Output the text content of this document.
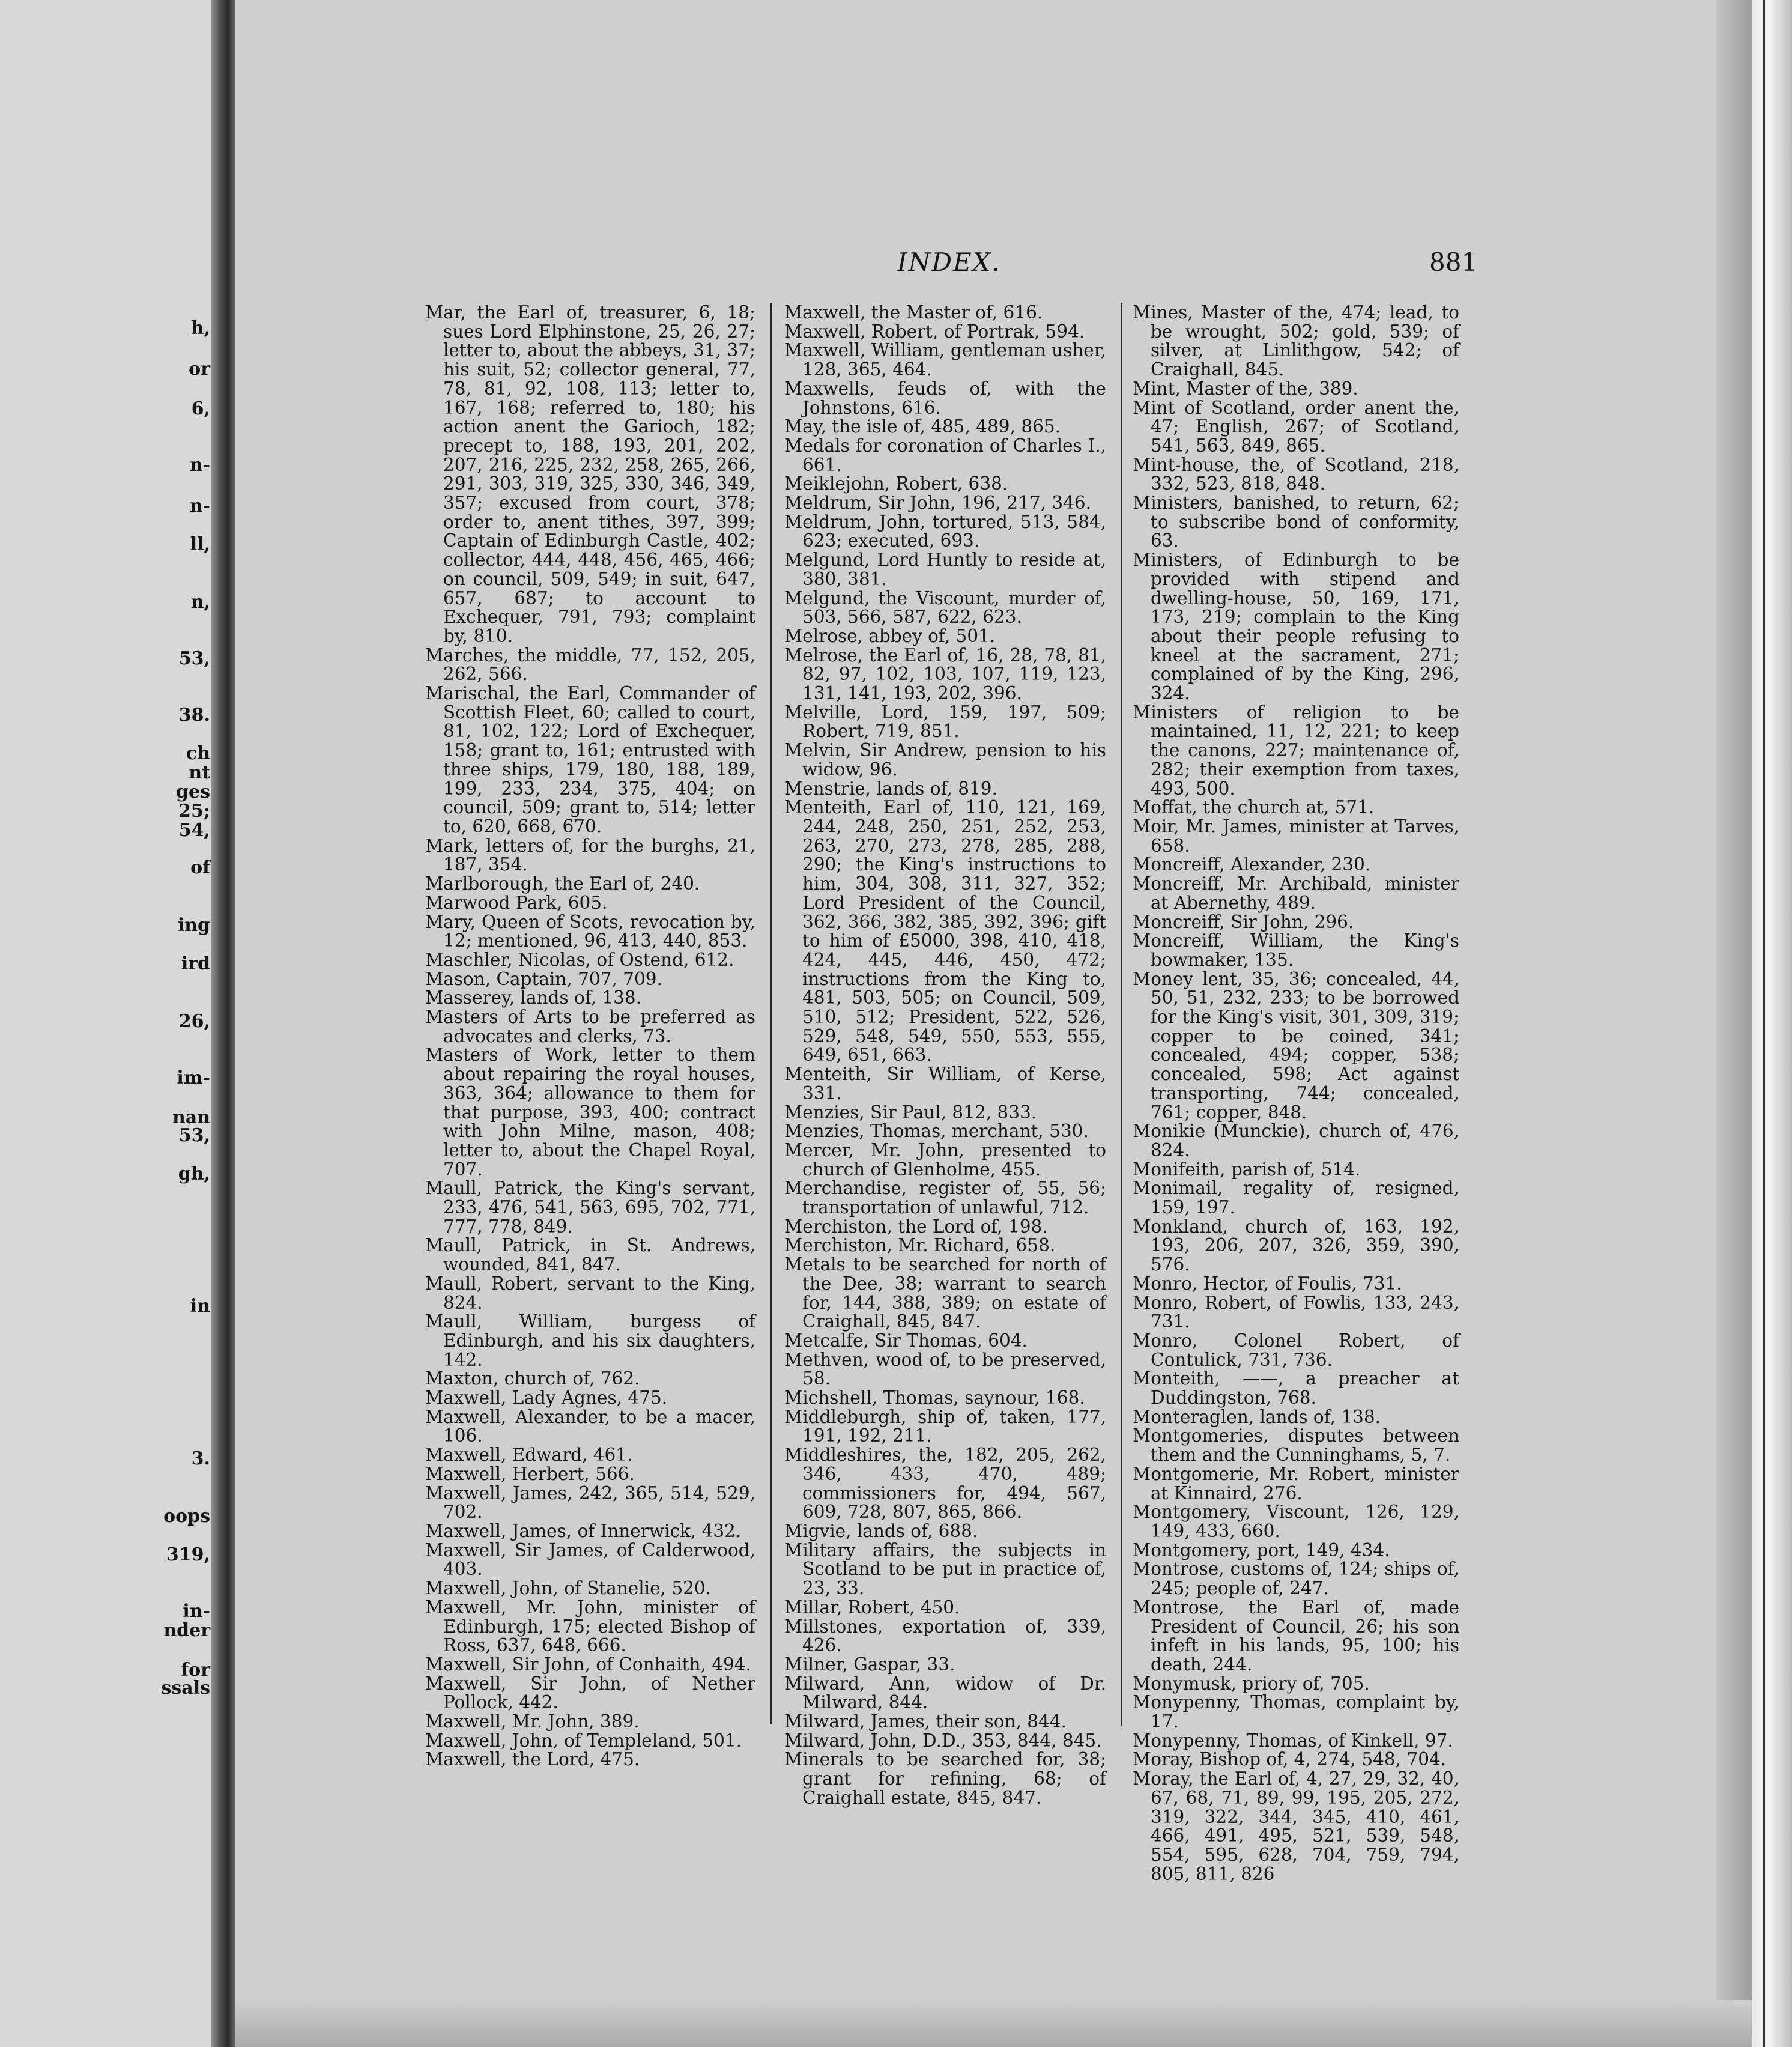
h,
or
6,
n-
n-
ll,
n,
53,
38.
ch
nt
ges
25;
54,
of
ing
ird
26,
im-
nan
53,
gh,
in
3.
oops
319,
in-
nder
for
ssals
INDEX.	881

Mar, the Earl of, treasurer, 6, 18; sues Lord Elphinstone, 25, 26, 27; letter to, about the abbeys, 31, 37; his suit, 52; collector general, 77, 78, 81, 92, 108, 113; letter to, 167, 168; referred to, 180; his action anent the Garioch, 182; precept to, 188, 193, 201, 202, 207, 216, 225, 232, 258, 265, 266, 291, 303, 319, 325, 330, 346, 349, 357; excused from court, 378; order to, anent tithes, 397, 399; Captain of Edinburgh Castle, 402; collector, 444, 448, 456, 465, 466; on council, 509, 549; in suit, 647, 657, 687; to account to Exchequer, 791, 793; complaint by, 810.

Marches, the middle, 77, 152, 205, 262, 566.

Marischal, the Earl, Commander of Scottish Fleet, 60; called to court, 81, 102, 122; Lord of Exchequer, 158; grant to, 161; entrusted with three ships, 179, 180, 188, 189, 199, 233, 234, 375, 404; on council, 509; grant to, 514; letter to, 620, 668, 670.

Mark, letters of, for the burghs, 21, 187, 354.

Marlborough, the Earl of, 240.

Marwood Park, 605.

Mary, Queen of Scots, revocation by, 12; mentioned, 96, 413, 440, 853.

Maschler, Nicolas, of Ostend, 612.

Mason, Captain, 707, 709.

Masserey, lands of, 138.

Masters of Arts to be preferred as advocates and clerks, 73.

Masters of Work, letter to them about repairing the royal houses, 363, 364; allowance to them for that purpose, 393, 400; contract with John Milne, mason, 408; letter to, about the Chapel Royal, 707.

Maull, Patrick, the King's servant, 233, 476, 541, 563, 695, 702, 771, 777, 778, 849.

Maull, Patrick, in St. Andrews, wounded, 841, 847.

Maull, Robert, servant to the King, 824.

Maull, William, burgess of Edinburgh, and his six daughters, 142.

Maxton, church of, 762.

Maxwell, Lady Agnes, 475.

Maxwell, Alexander, to be a macer, 106.

Maxwell, Edward, 461.

Maxwell, Herbert, 566.

Maxwell, James, 242, 365, 514, 529, 702.

Maxwell, James, of Innerwick, 432.

Maxwell, Sir James, of Calderwood, 403.

Maxwell, John, of Stanelie, 520.

Maxwell, Mr. John, minister of Edinburgh, 175; elected Bishop of Ross, 637, 648, 666.

Maxwell, Sir John, of Conhaith, 494.

Maxwell, Sir John, of Nether Pollock, 442.

Maxwell, Mr. John, 389.

Maxwell, John, of Templeland, 501.

Maxwell, the Lord, 475.

Maxwell, the Master of, 616.

Maxwell, Robert, of Portrak, 594.

Maxwell, William, gentleman usher, 128, 365, 464.

Maxwells, feuds of, with the Johnstons, 616.

May, the isle of, 485, 489, 865.

Medals for coronation of Charles I., 661.

Meiklejohn, Robert, 638.

Meldrum, Sir John, 196, 217, 346.

Meldrum, John, tortured, 513, 584, 623; executed, 693.

Melgund, Lord Huntly to reside at, 380, 381.

Melgund, the Viscount, murder of, 503, 566, 587, 622, 623.

Melrose, abbey of, 501.

Melrose, the Earl of, 16, 28, 78, 81, 82, 97, 102, 103, 107, 119, 123, 131, 141, 193, 202, 396.

Melville, Lord, 159, 197, 509; Robert, 719, 851.

Melvin, Sir Andrew, pension to his widow, 96.

Menstrie, lands of, 819.

Menteith, Earl of, 110, 121, 169, 244, 248, 250, 251, 252, 253, 263, 270, 273, 278, 285, 288, 290; the King's instructions to him, 304, 308, 311, 327, 352; Lord President of the Council, 362, 366, 382, 385, 392, 396; gift to him of £5000, 398, 410, 418, 424, 445, 446, 450, 472; instructions from the King to, 481, 503, 505; on Council, 509, 510, 512; President, 522, 526, 529, 548, 549, 550, 553, 555, 649, 651, 663.

Menteith, Sir William, of Kerse, 331.

Menzies, Sir Paul, 812, 833.

Menzies, Thomas, merchant, 530.

Mercer, Mr. John, presented to church of Glenholme, 455.

Merchandise, register of, 55, 56; transportation of unlawful, 712.

Merchiston, the Lord of, 198.

Merchiston, Mr. Richard, 658.

Metals to be searched for north of the Dee, 38; warrant to search for, 144, 388, 389; on estate of Craighall, 845, 847.

Metcalfe, Sir Thomas, 604.

Methven, wood of, to be preserved, 58.

Michshell, Thomas, saynour, 168.

Middleburgh, ship of, taken, 177, 191, 192, 211.

Middleshires, the, 182, 205, 262, 346, 433, 470, 489; commissioners for, 494, 567, 609, 728, 807, 865, 866.

Migvie, lands of, 688.

Military affairs, the subjects in Scotland to be put in practice of, 23, 33.

Millar, Robert, 450.

Millstones, exportation of, 339, 426.

Milner, Gaspar, 33.

Milward, Ann, widow of Dr. Milward, 844.

Milward, James, their son, 844.

Milward, John, D.D., 353, 844, 845.

Minerals to be searched for, 38; grant for refining, 68; of Craighall estate, 845, 847.

Mines, Master of the, 474; lead, to be wrought, 502; gold, 539; of silver, at Linlithgow, 542; of Craighall, 845.

Mint, Master of the, 389.

Mint of Scotland, order anent the, 47; English, 267; of Scotland, 541, 563, 849, 865.

Mint-house, the, of Scotland, 218, 332, 523, 818, 848.

Ministers, banished, to return, 62; to subscribe bond of conformity, 63.

Ministers, of Edinburgh to be provided with stipend and dwelling-house, 50, 169, 171, 173, 219; complain to the King about their people refusing to kneel at the sacrament, 271; complained of by the King, 296, 324.

Ministers of religion to be maintained, 11, 12, 221; to keep the canons, 227; maintenance of, 282; their exemption from taxes, 493, 500.

Moffat, the church at, 571.

Moir, Mr. James, minister at Tarves, 658.

Moncreiff, Alexander, 230.

Moncreiff, Mr. Archibald, minister at Abernethy, 489.

Moncreiff, Sir John, 296.

Moncreiff, William, the King's bowmaker, 135.

Money lent, 35, 36; concealed, 44, 50, 51, 232, 233; to be borrowed for the King's visit, 301, 309, 319; copper to be coined, 341; concealed, 494; copper, 538; concealed, 598; Act against transporting, 744; concealed, 761; copper, 848.

Monikie (Munckie), church of, 476, 824.

Monifeith, parish of, 514.

Monimail, regality of, resigned, 159, 197.

Monkland, church of, 163, 192, 193, 206, 207, 326, 359, 390, 576.

Monro, Hector, of Foulis, 731.

Monro, Robert, of Fowlis, 133, 243, 731.

Monro, Colonel Robert, of Contulick, 731, 736.

Monteith, ——, a preacher at Duddingston, 768.

Monteraglen, lands of, 138.

Montgomeries, disputes between them and the Cunninghams, 5, 7.

Montgomerie, Mr. Robert, minister at Kinnaird, 276.

Montgomery, Viscount, 126, 129, 149, 433, 660.

Montgomery, port, 149, 434.

Montrose, customs of, 124; ships of, 245; people of, 247.

Montrose, the Earl of, made President of Council, 26; his son infeft in his lands, 95, 100; his death, 244.

Monymusk, priory of, 705.

Monypenny, Thomas, complaint by, 17.

Monypenny, Thomas, of Kinkell, 97.

Moray, Bishop of, 4, 274, 548, 704.

Moray, the Earl of, 4, 27, 29, 32, 40, 67, 68, 71, 89, 99, 195, 205, 272, 319, 322, 344, 345, 410, 461, 466, 491, 495, 521, 539, 548, 554, 595, 628, 704, 759, 794, 805, 811, 826
